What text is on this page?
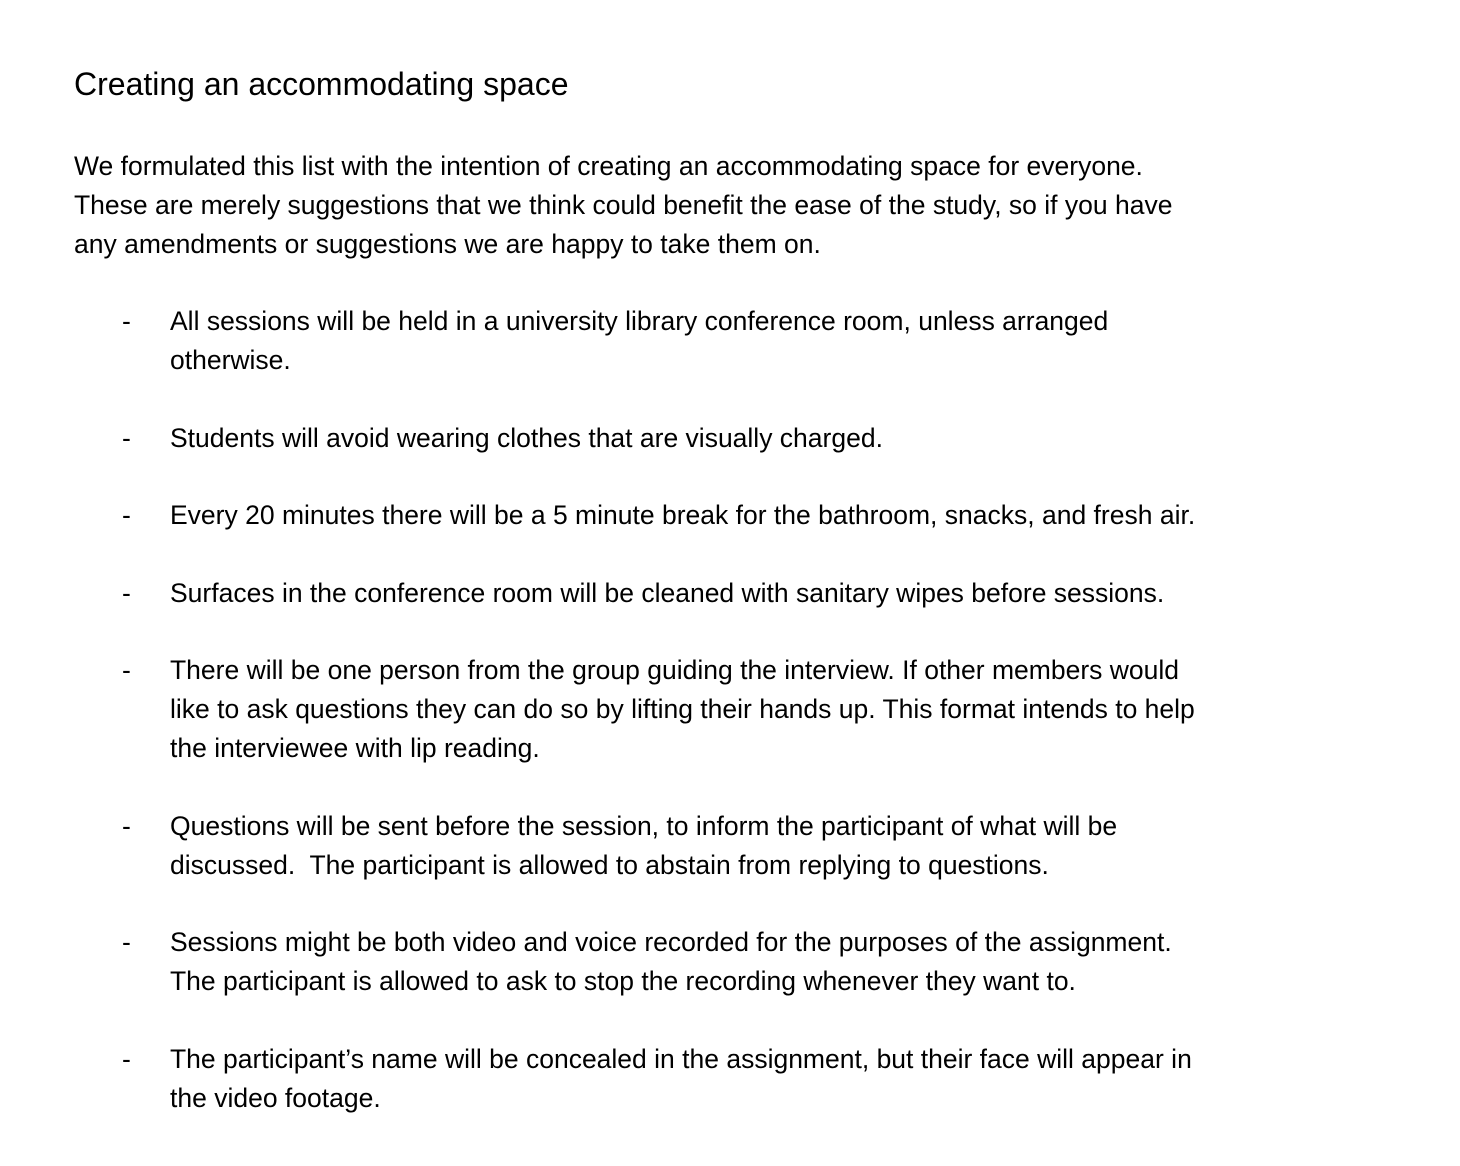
Creating an accommodating space

We formulated this list with the intention of creating an accommodating space for everyone.
These are merely suggestions that we think could benefit the ease of the study, so if you have
any amendments or suggestions we are happy to take them on.

- All sessions will be held in a university library conference room, unless arranged
otherwise.
- Students will avoid wearing clothes that are visually charged.
- Every 20 minutes there will be a 5 minute break for the bathroom, snacks, and fresh air.
- Surfaces in the conference room will be cleaned with sanitary wipes before sessions.
- There will be one person from the group guiding the interview. If other members would
like to ask questions they can do so by lifting their hands up. This format intends to help
the interviewee with lip reading.
- Questions will be sent before the session, to inform the participant of what will be
discussed.  The participant is allowed to abstain from replying to questions.
- Sessions might be both video and voice recorded for the purposes of the assignment.
The participant is allowed to ask to stop the recording whenever they want to.
- The participant’s name will be concealed in the assignment, but their face will appear in
the video footage.
